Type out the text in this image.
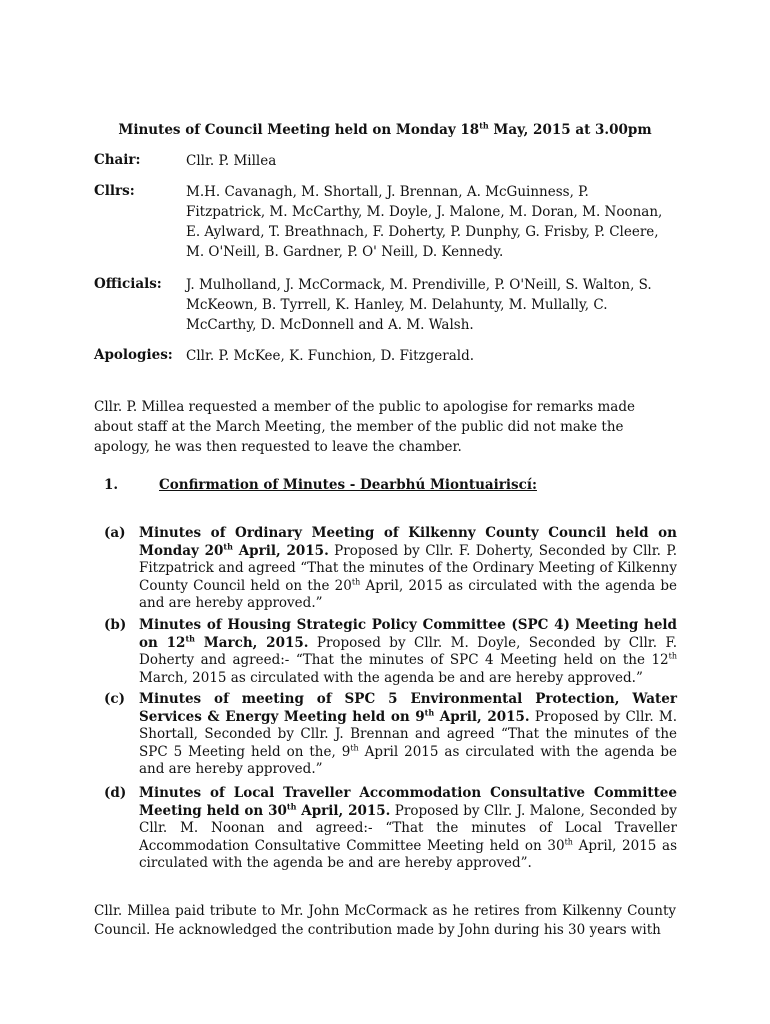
Minutes of Council Meeting held on Monday 18th May, 2015 at 3.00pm
Chair:	Cllr. P. Millea
Cllrs:	M.H. Cavanagh, M. Shortall, J. Brennan, A. McGuinness, P. Fitzpatrick, M. McCarthy, M. Doyle, J. Malone, M. Doran, M. Noonan, E. Aylward, T. Breathnach, F. Doherty, P. Dunphy, G. Frisby, P. Cleere, M. O'Neill, B. Gardner, P. O' Neill, D. Kennedy.
Officials: J. Mulholland, J. McCormack, M. Prendiville, P. O'Neill, S. Walton, S. McKeown, B. Tyrrell, K. Hanley, M. Delahunty, M. Mullally, C. McCarthy, D. McDonnell and A. M. Walsh.
Apologies: Cllr. P. McKee, K. Funchion, D. Fitzgerald.
Cllr. P. Millea requested a member of the public to apologise for remarks made about staff at the March Meeting, the member of the public did not make the apology, he was then requested to leave the chamber.
1.	Confirmation of Minutes - Dearbhú Miontuairiscí:
(a) Minutes of Ordinary Meeting of Kilkenny County Council held on Monday 20th April, 2015. Proposed by Cllr. F. Doherty, Seconded by Cllr. P. Fitzpatrick and agreed “That the minutes of the Ordinary Meeting of Kilkenny County Council held on the 20th April, 2015 as circulated with the agenda be and are hereby approved.”
(b) Minutes of Housing Strategic Policy Committee (SPC 4) Meeting held on 12th March, 2015. Proposed by Cllr. M. Doyle, Seconded by Cllr. F. Doherty and agreed:- “That the minutes of SPC 4 Meeting held on the 12th March, 2015 as circulated with the agenda be and are hereby approved.”
(c) Minutes of meeting of SPC 5 Environmental Protection, Water Services & Energy Meeting held on 9th April, 2015. Proposed by Cllr. M. Shortall, Seconded by Cllr. J. Brennan and agreed “That the minutes of the SPC 5 Meeting held on the, 9th April 2015 as circulated with the agenda be and are hereby approved.”
(d) Minutes of Local Traveller Accommodation Consultative Committee Meeting held on 30th April, 2015. Proposed by Cllr. J. Malone, Seconded by Cllr. M. Noonan and agreed:- “That the minutes of Local Traveller Accommodation Consultative Committee Meeting held on 30th April, 2015 as circulated with the agenda be and are hereby approved”.
Cllr. Millea paid tribute to Mr. John McCormack as he retires from Kilkenny County Council. He acknowledged the contribution made by John during his 30 years with
